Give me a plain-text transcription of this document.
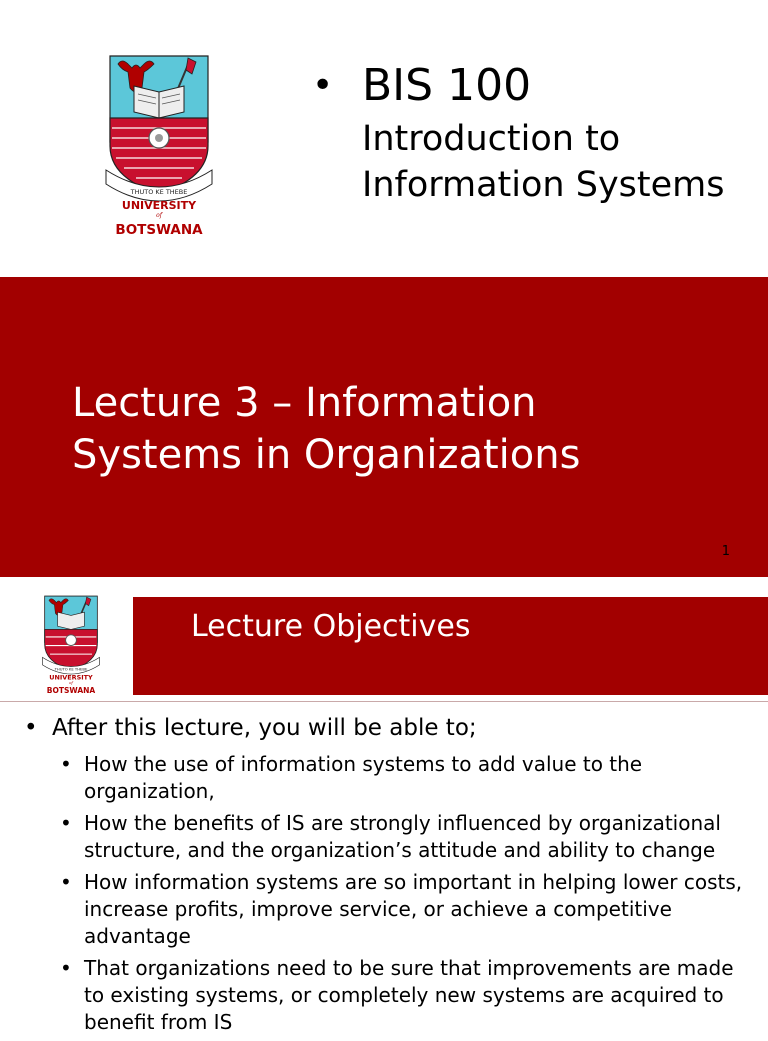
THUTO KE THEBE
UNIVERSITY
of
BOTSWANA
• BIS 100
Introduction to Information Systems
Lecture 3 – Information Systems in Organizations
1
THUTO KE THEBE
UNIVERSITY
of
BOTSWANA
Lecture Objectives
• After this lecture, you will be able to;
• How the use of information systems to add value to the organization,
• How the benefits of IS are strongly influenced by organizational structure, and the organization’s attitude and ability to change
• How information systems are so important in helping lower costs, increase profits, improve service, or achieve a competitive advantage
• That organizations need to be sure that improvements are made to existing systems, or completely new systems are acquired to benefit from IS
